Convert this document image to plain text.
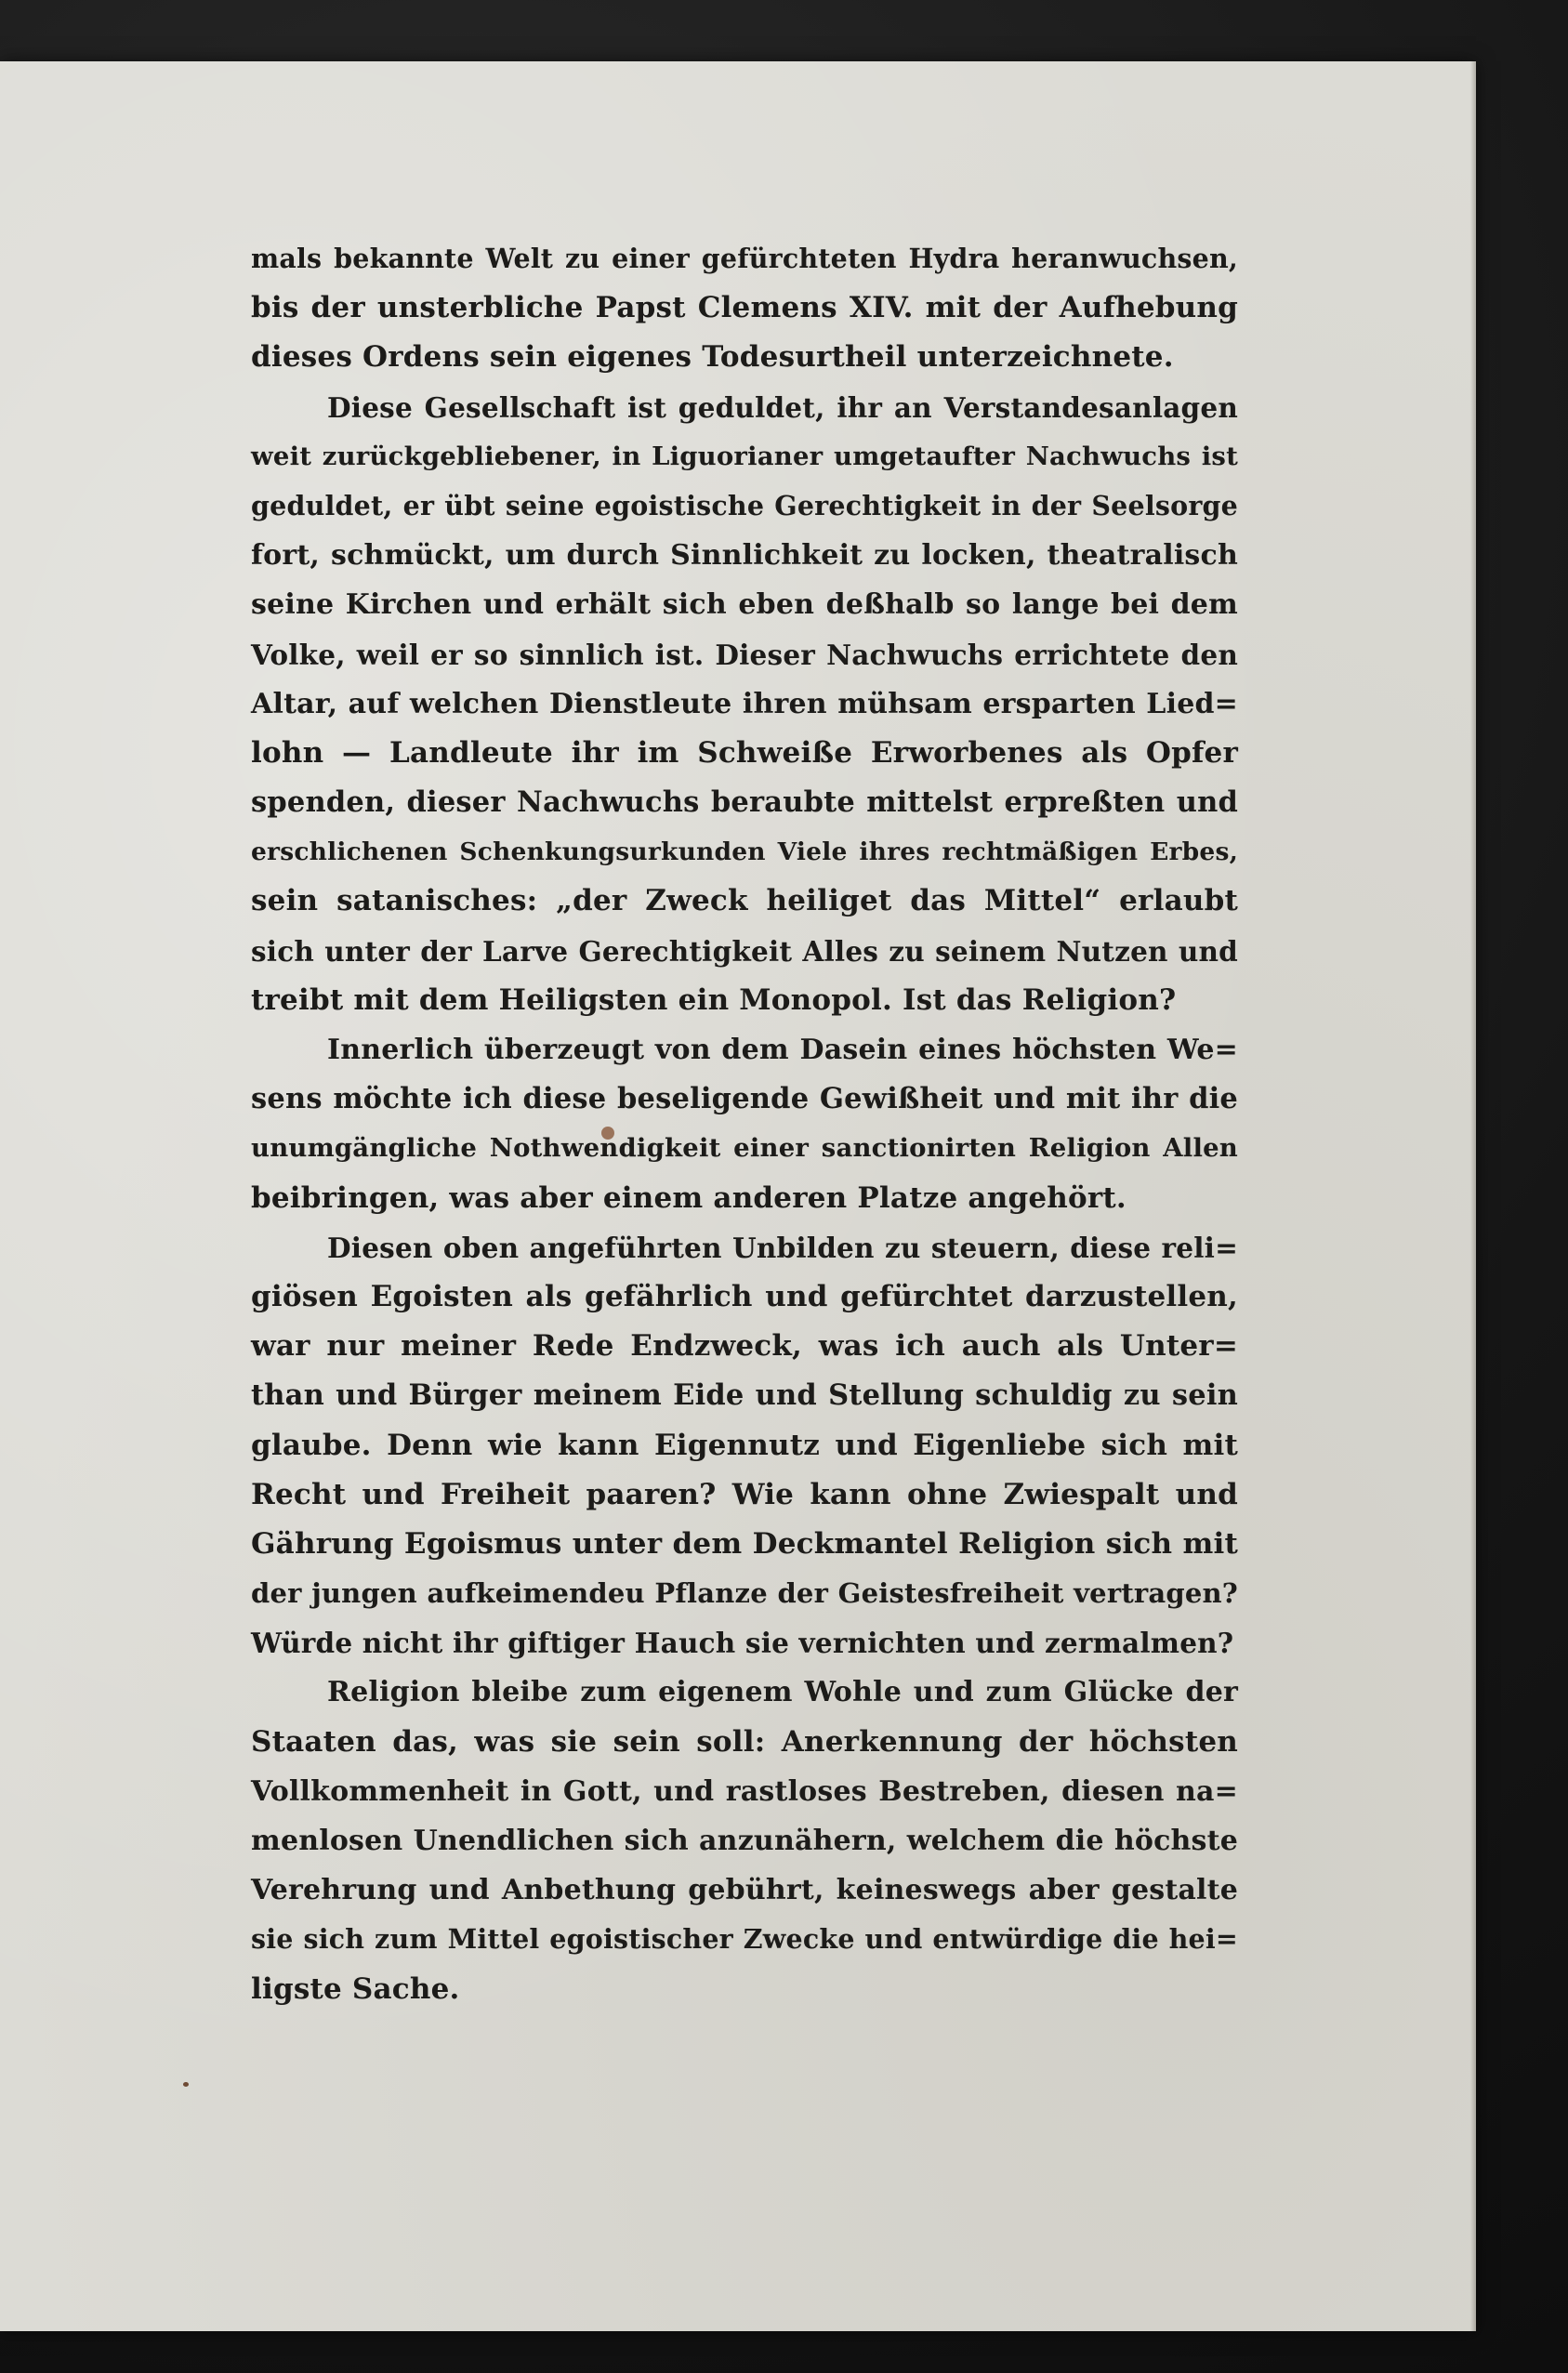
mals bekannte Welt zu einer gefürchteten Hydra heranwuchsen,
bis der unsterbliche Papst Clemens XIV. mit der Aufhebung
dieses Ordens sein eigenes Todesurtheil unterzeichnete.
Diese Gesellschaft ist geduldet, ihr an Verstandesanlagen
weit zurückgebliebener, in Liguorianer umgetaufter Nachwuchs ist
geduldet, er übt seine egoistische Gerechtigkeit in der Seelsorge
fort, schmückt, um durch Sinnlichkeit zu locken, theatralisch
seine Kirchen und erhält sich eben deßhalb so lange bei dem
Volke, weil er so sinnlich ist. Dieser Nachwuchs errichtete den
Altar, auf welchen Dienstleute ihren mühsam ersparten Lied=
lohn — Landleute ihr im Schweiße Erworbenes als Opfer
spenden, dieser Nachwuchs beraubte mittelst erpreßten und
erschlichenen Schenkungsurkunden Viele ihres rechtmäßigen Erbes,
sein satanisches: „der Zweck heiliget das Mittel“ erlaubt
sich unter der Larve Gerechtigkeit Alles zu seinem Nutzen und
treibt mit dem Heiligsten ein Monopol. Ist das Religion?
Innerlich überzeugt von dem Dasein eines höchsten We=
sens möchte ich diese beseligende Gewißheit und mit ihr die
unumgängliche Nothwendigkeit einer sanctionirten Religion Allen
beibringen, was aber einem anderen Platze angehört.
Diesen oben angeführten Unbilden zu steuern, diese reli=
giösen Egoisten als gefährlich und gefürchtet darzustellen,
war nur meiner Rede Endzweck, was ich auch als Unter=
than und Bürger meinem Eide und Stellung schuldig zu sein
glaube. Denn wie kann Eigennutz und Eigenliebe sich mit
Recht und Freiheit paaren? Wie kann ohne Zwiespalt und
Gährung Egoismus unter dem Deckmantel Religion sich mit
der jungen aufkeimendeu Pflanze der Geistesfreiheit vertragen?
Würde nicht ihr giftiger Hauch sie vernichten und zermalmen?
Religion bleibe zum eigenem Wohle und zum Glücke der
Staaten das, was sie sein soll: Anerkennung der höchsten
Vollkommenheit in Gott, und rastloses Bestreben, diesen na=
menlosen Unendlichen sich anzunähern, welchem die höchste
Verehrung und Anbethung gebührt, keineswegs aber gestalte
sie sich zum Mittel egoistischer Zwecke und entwürdige die hei=
ligste Sache.
